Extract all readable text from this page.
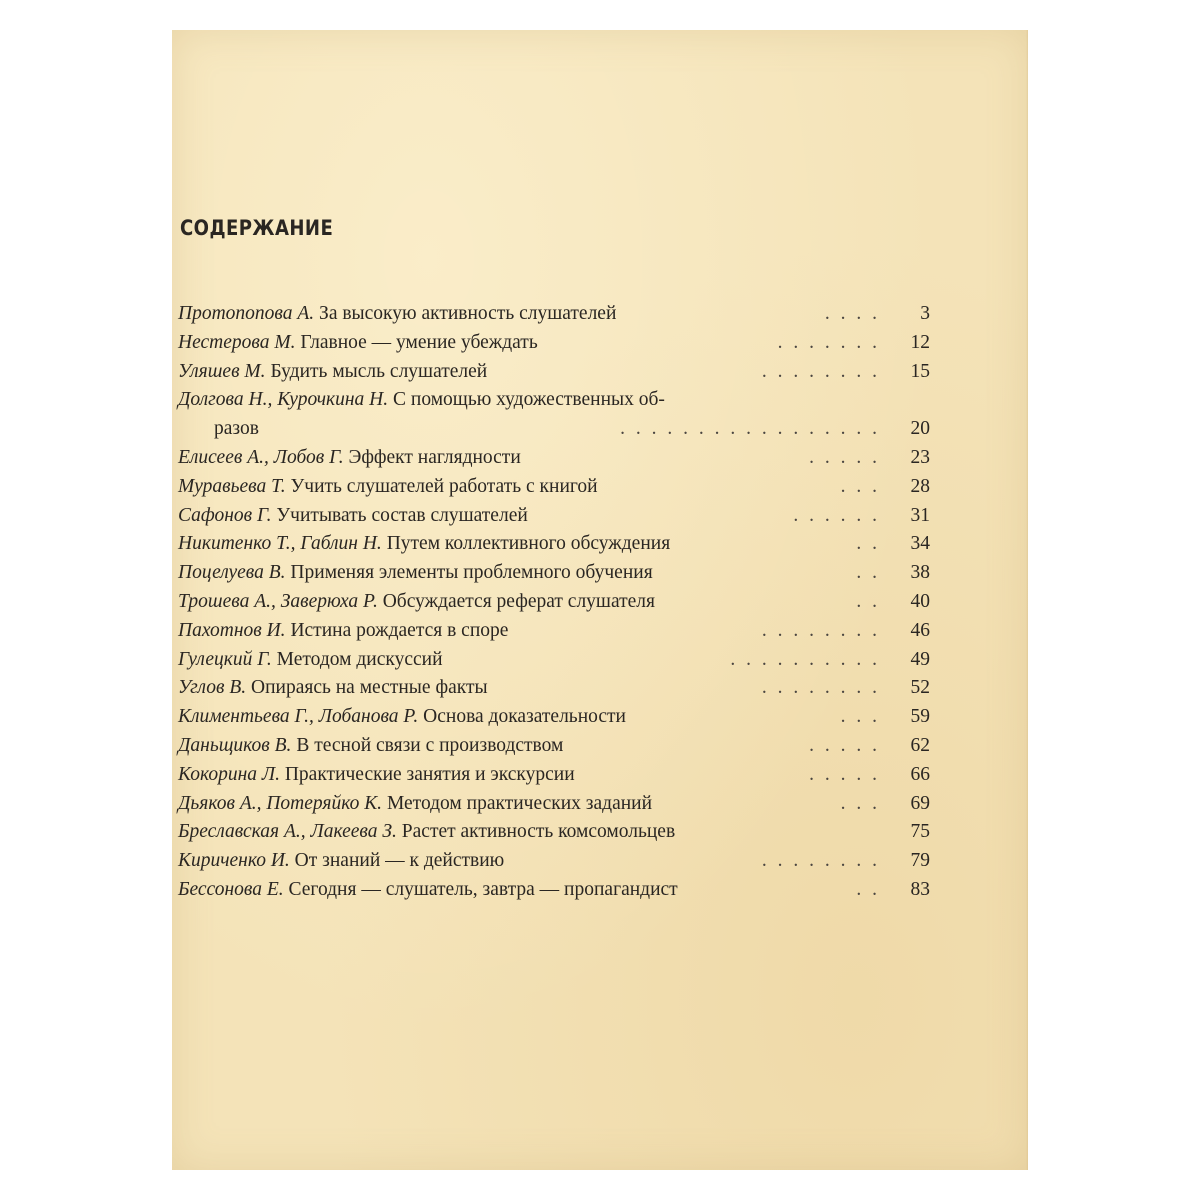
СОДЕРЖАНИЕ
Протопопова А. За высокую активность слушателей	. . . .	3
Нестерова М. Главное — умение убеждать	. . . . . . .	12
Уляшев М. Будить мысль слушателей	. . . . . . . .	15
Долгова Н., Курочкина Н. С помощью художественных об-
разов	. . . . . . . . . . . . . . . . .	20
Елисеев А., Лобов Г. Эффект наглядности	. . . . .	23
Муравьева Т. Учить слушателей работать с книгой	. . .	28
Сафонов Г. Учитывать состав слушателей	. . . . . .	31
Никитенко Т., Габлин Н. Путем коллективного обсуждения	. .	34
Поцелуева В. Применяя элементы проблемного обучения	. .	38
Трошева А., Заверюха Р. Обсуждается реферат слушателя	. .	40
Пахотнов И. Истина рождается в споре	. . . . . . . .	46
Гулецкий Г. Методом дискуссий	. . . . . . . . . .	49
Углов В. Опираясь на местные факты	. . . . . . . .	52
Климентьева Г., Лобанова Р. Основа доказательности	. . .	59
Даньщиков В. В тесной связи с производством	. . . . .	62
Кокорина Л. Практические занятия и экскурсии	. . . . .	66
Дьяков А., Потеряйко К. Методом практических заданий	. . .	69
Бреславская А., Лакеева З. Растет активность комсомольцев	75
Кириченко И. От знаний — к действию	. . . . . . . .	79
Бессонова Е. Сегодня — слушатель, завтра — пропагандист	. .	83
